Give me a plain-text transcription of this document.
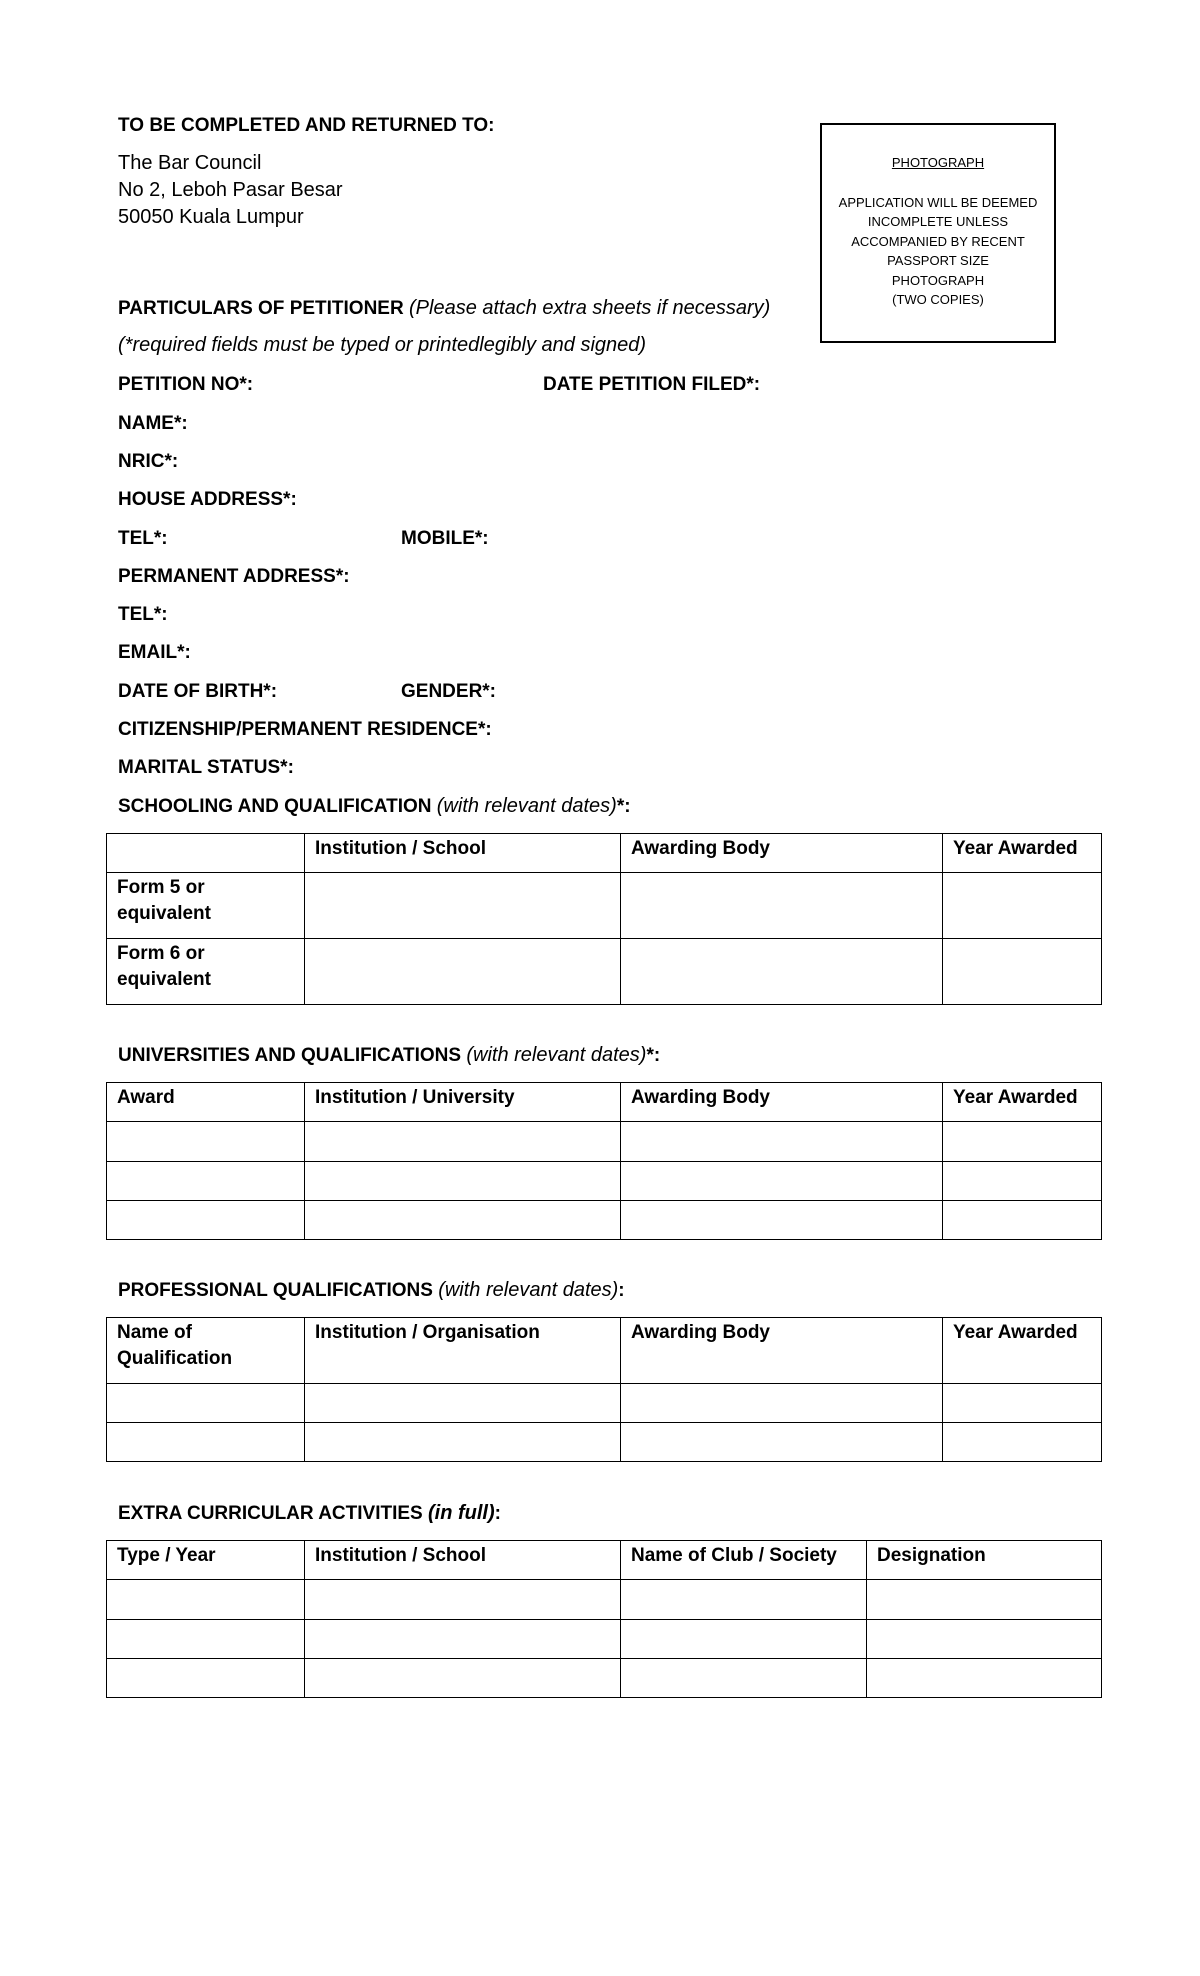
TO BE COMPLETED AND RETURNED TO:
The Bar Council
No 2, Leboh Pasar Besar
50050 Kuala Lumpur
PHOTOGRAPH
APPLICATION WILL BE DEEMED
INCOMPLETE UNLESS
ACCOMPANIED BY RECENT
PASSPORT SIZE
PHOTOGRAPH
(TWO COPIES)
PARTICULARS OF PETITIONER (Please attach extra sheets if necessary)
(*required fields must be typed or printedlegibly and signed)
PETITION NO*:	DATE PETITION FILED*:
NAME*:
NRIC*:
HOUSE ADDRESS*:
TEL*:	MOBILE*:
PERMANENT ADDRESS*:
TEL*:
EMAIL*:
DATE OF BIRTH*:	GENDER*:
CITIZENSHIP/PERMANENT RESIDENCE*:
MARITAL STATUS*:
SCHOOLING AND QUALIFICATION (with relevant dates)*:
	Institution / School	Awarding Body	Year Awarded
Form 5 or equivalent			
Form 6 or equivalent			
UNIVERSITIES AND QUALIFICATIONS (with relevant dates)*:
Award	Institution / University	Awarding Body	Year Awarded

PROFESSIONAL QUALIFICATIONS (with relevant dates):
Name of Qualification	Institution / Organisation	Awarding Body	Year Awarded

EXTRA CURRICULAR ACTIVITIES (in full):
Type / Year	Institution / School	Name of Club / Society	Designation
